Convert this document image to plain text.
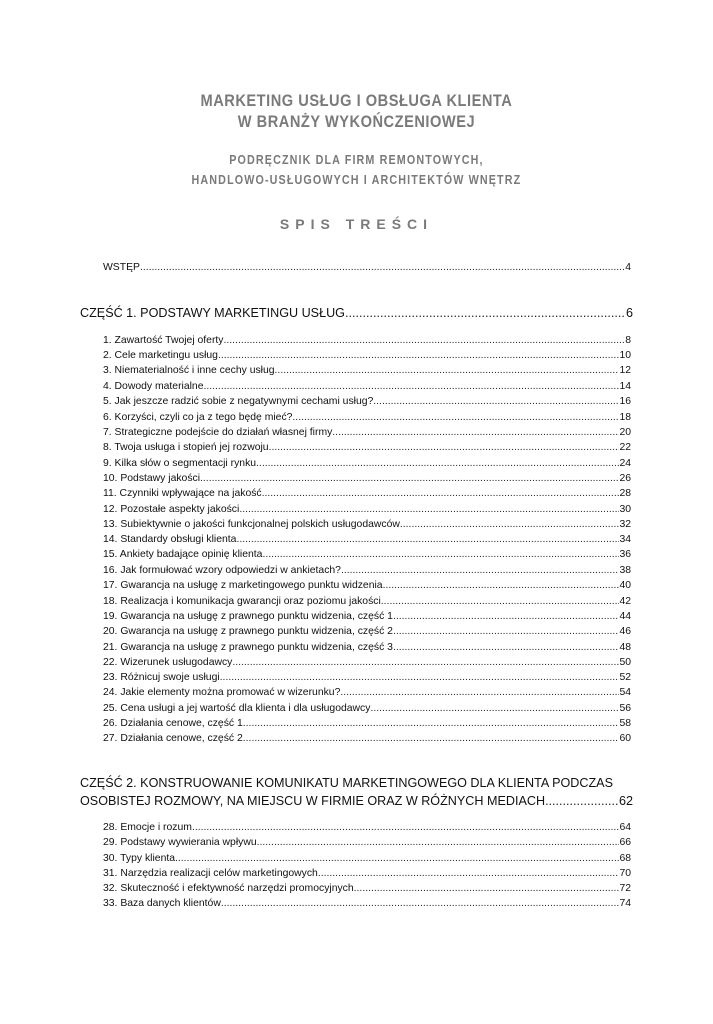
MARKETING USŁUG I OBSŁUGA KLIENTA
W BRANŻY WYKOŃCZENIOWEJ
PODRĘCZNIK DLA FIRM REMONTOWYCH,
HANDLOWO-USŁUGOWYCH I ARCHITEKTÓW WNĘTRZ
SPIS TREŚCI
WSTĘP .....	4
CZĘŚĆ 1. PODSTAWY MARKETINGU USŁUG .....	6
1. Zawartość Twojej oferty .....	8
2. Cele marketingu usług .....	10
3. Niematerialność i inne cechy usług .....	12
4. Dowody materialne .....	14
5. Jak jeszcze radzić sobie z negatywnymi cechami usług? .....	16
6. Korzyści, czyli co ja z tego będę mieć? .....	18
7. Strategiczne podejście do działań własnej firmy .....	20
8. Twoja usługa i stopień jej rozwoju .....	22
9. Kilka słów o segmentacji rynku .....	24
10. Podstawy jakości .....	26
11. Czynniki wpływające na jakość .....	28
12. Pozostałe aspekty jakości .....	30
13. Subiektywnie o jakości funkcjonalnej polskich usługodawców .....	32
14. Standardy obsługi klienta .....	34
15. Ankiety badające opinię klienta .....	36
16. Jak formułować wzory odpowiedzi w ankietach? .....	38
17. Gwarancja na usługę z marketingowego punktu widzenia .....	40
18. Realizacja i komunikacja gwarancji oraz poziomu jakości .....	42
19. Gwarancja na usługę z prawnego punktu widzenia, część 1 .....	44
20. Gwarancja na usługę z prawnego punktu widzenia, część 2 .....	46
21. Gwarancja na usługę z prawnego punktu widzenia, część 3 .....	48
22. Wizerunek usługodawcy .....	50
23. Różnicuj swoje usługi .....	52
24. Jakie elementy można promować w wizerunku? .....	54
25. Cena usługi a jej wartość dla klienta i dla usługodawcy .....	56
26. Działania cenowe, część 1 .....	58
27. Działania cenowe, część 2 .....	60
CZĘŚĆ 2. KONSTRUOWANIE KOMUNIKATU MARKETINGOWEGO DLA KLIENTA PODCZAS
OSOBISTEJ ROZMOWY, NA MIEJSCU W FIRMIE ORAZ W RÓŻNYCH MEDIACH .....	62
28. Emocje i rozum .....	64
29. Podstawy wywierania wpływu .....	66
30. Typy klienta .....	68
31. Narzędzia realizacji celów marketingowych .....	70
32. Skuteczność i efektywność narzędzi promocyjnych .....	72
33. Baza danych klientów .....	74
